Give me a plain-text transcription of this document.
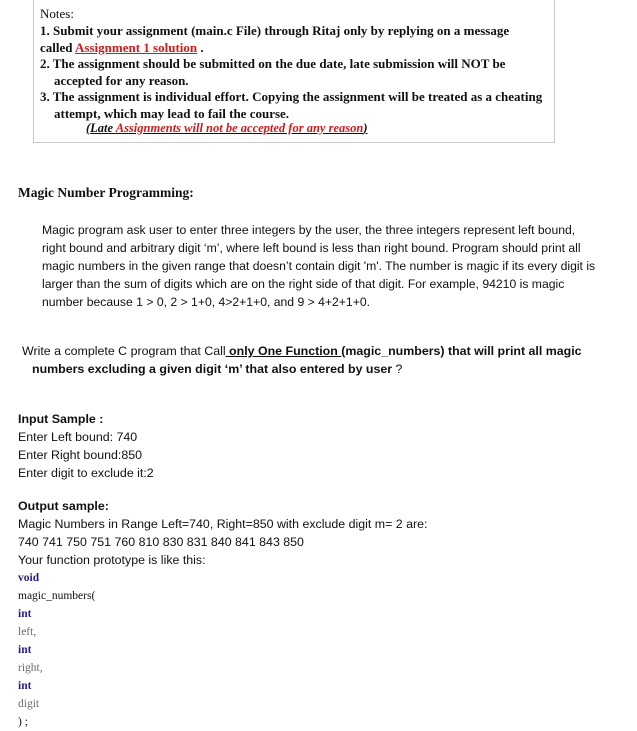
Notes:
1. Submit your assignment (main.c File) through Ritaj only by replying on a message
called Assignment 1 solution .
2. The assignment should be submitted on the due date, late submission will NOT be
accepted for any reason.
3. The assignment is individual effort. Copying the assignment will be treated as a cheating
attempt, which may lead to fail the course.
(Late Assignments will not be accepted for any reason)
Magic Number Programming:
Magic program ask user to enter three integers by the user, the three integers represent left bound,
right bound and arbitrary digit ‘m’, where left bound is less than right bound. Program should print all
magic numbers in the given range that doesn’t contain digit 'm'. The number is magic if its every digit is
larger than the sum of digits which are on the right side of that digit. For example, 94210 is magic
number because 1 > 0, 2 > 1+0, 4>2+1+0, and 9 > 4+2+1+0.
Write a complete C program that Call only One Function (magic_numbers) that will print all magic
numbers excluding a given digit ‘m’ that also entered by user ?
Input Sample :
Enter Left bound: 740
Enter Right bound:850
Enter digit to exclude it:2
Output sample:
Magic Numbers in Range Left=740, Right=850 with exclude digit m= 2 are:
740 741 750 751 760 810 830 831 840 841 843 850
Your function prototype is like this:
void
magic_numbers(
int
left,
int
right,
int
digit
) ;
